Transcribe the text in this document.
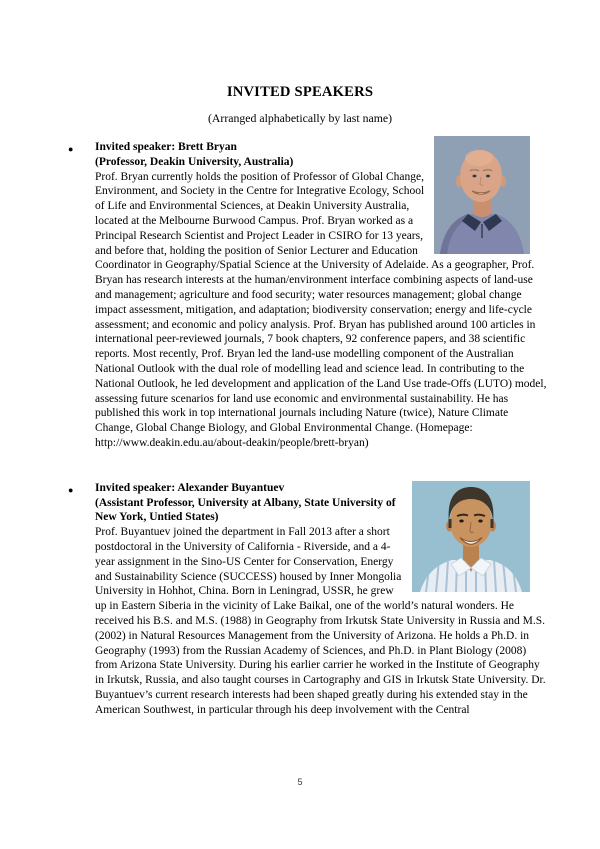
INVITED SPEAKERS
(Arranged alphabetically by last name)
● Invited speaker: Brett Bryan
(Professor, Deakin University, Australia)
Prof. Bryan currently holds the position of Professor of Global Change, Environment, and Society in the Centre for Integrative Ecology, School of Life and Environmental Sciences, at Deakin University Australia, located at the Melbourne Burwood Campus. Prof. Bryan worked as a Principal Research Scientist and Project Leader in CSIRO for 13 years, and before that, holding the position of Senior Lecturer and Education Coordinator in Geography/Spatial Science at the University of Adelaide. As a geographer, Prof. Bryan has research interests at the human/environment interface combining aspects of land-use and management; agriculture and food security; water resources management; global change impact assessment, mitigation, and adaptation; biodiversity conservation; energy and life-cycle assessment; and economic and policy analysis. Prof. Bryan has published around 100 articles in international peer-reviewed journals, 7 book chapters, 92 conference papers, and 38 scientific reports. Most recently, Prof. Bryan led the land-use modelling component of the Australian National Outlook with the dual role of modelling lead and science lead. In contributing to the National Outlook, he led development and application of the Land Use trade-Offs (LUTO) model, assessing future scenarios for land use economic and environmental sustainability. He has published this work in top international journals including Nature (twice), Nature Climate Change, Global Change Biology, and Global Environmental Change. (Homepage: http://www.deakin.edu.au/about-deakin/people/brett-bryan)
● Invited speaker: Alexander Buyantuev
(Assistant Professor, University at Albany, State University of New York, Untied States)
Prof. Buyantuev joined the department in Fall 2013 after a short postdoctoral in the University of California - Riverside, and a 4-year assignment in the Sino-US Center for Conservation, Energy and Sustainability Science (SUCCESS) housed by Inner Mongolia University in Hohhot, China. Born in Leningrad, USSR, he grew up in Eastern Siberia in the vicinity of Lake Baikal, one of the world’s natural wonders. He received his B.S. and M.S. (1988) in Geography from Irkutsk State University in Russia and M.S. (2002) in Natural Resources Management from the University of Arizona. He holds a Ph.D. in Geography (1993) from the Russian Academy of Sciences, and Ph.D. in Plant Biology (2008) from Arizona State University. During his earlier carrier he worked in the Institute of Geography in Irkutsk, Russia, and also taught courses in Cartography and GIS in Irkutsk State University. Dr. Buyantuev’s current research interests had been shaped greatly during his extended stay in the American Southwest, in particular through his deep involvement with the Central
5
